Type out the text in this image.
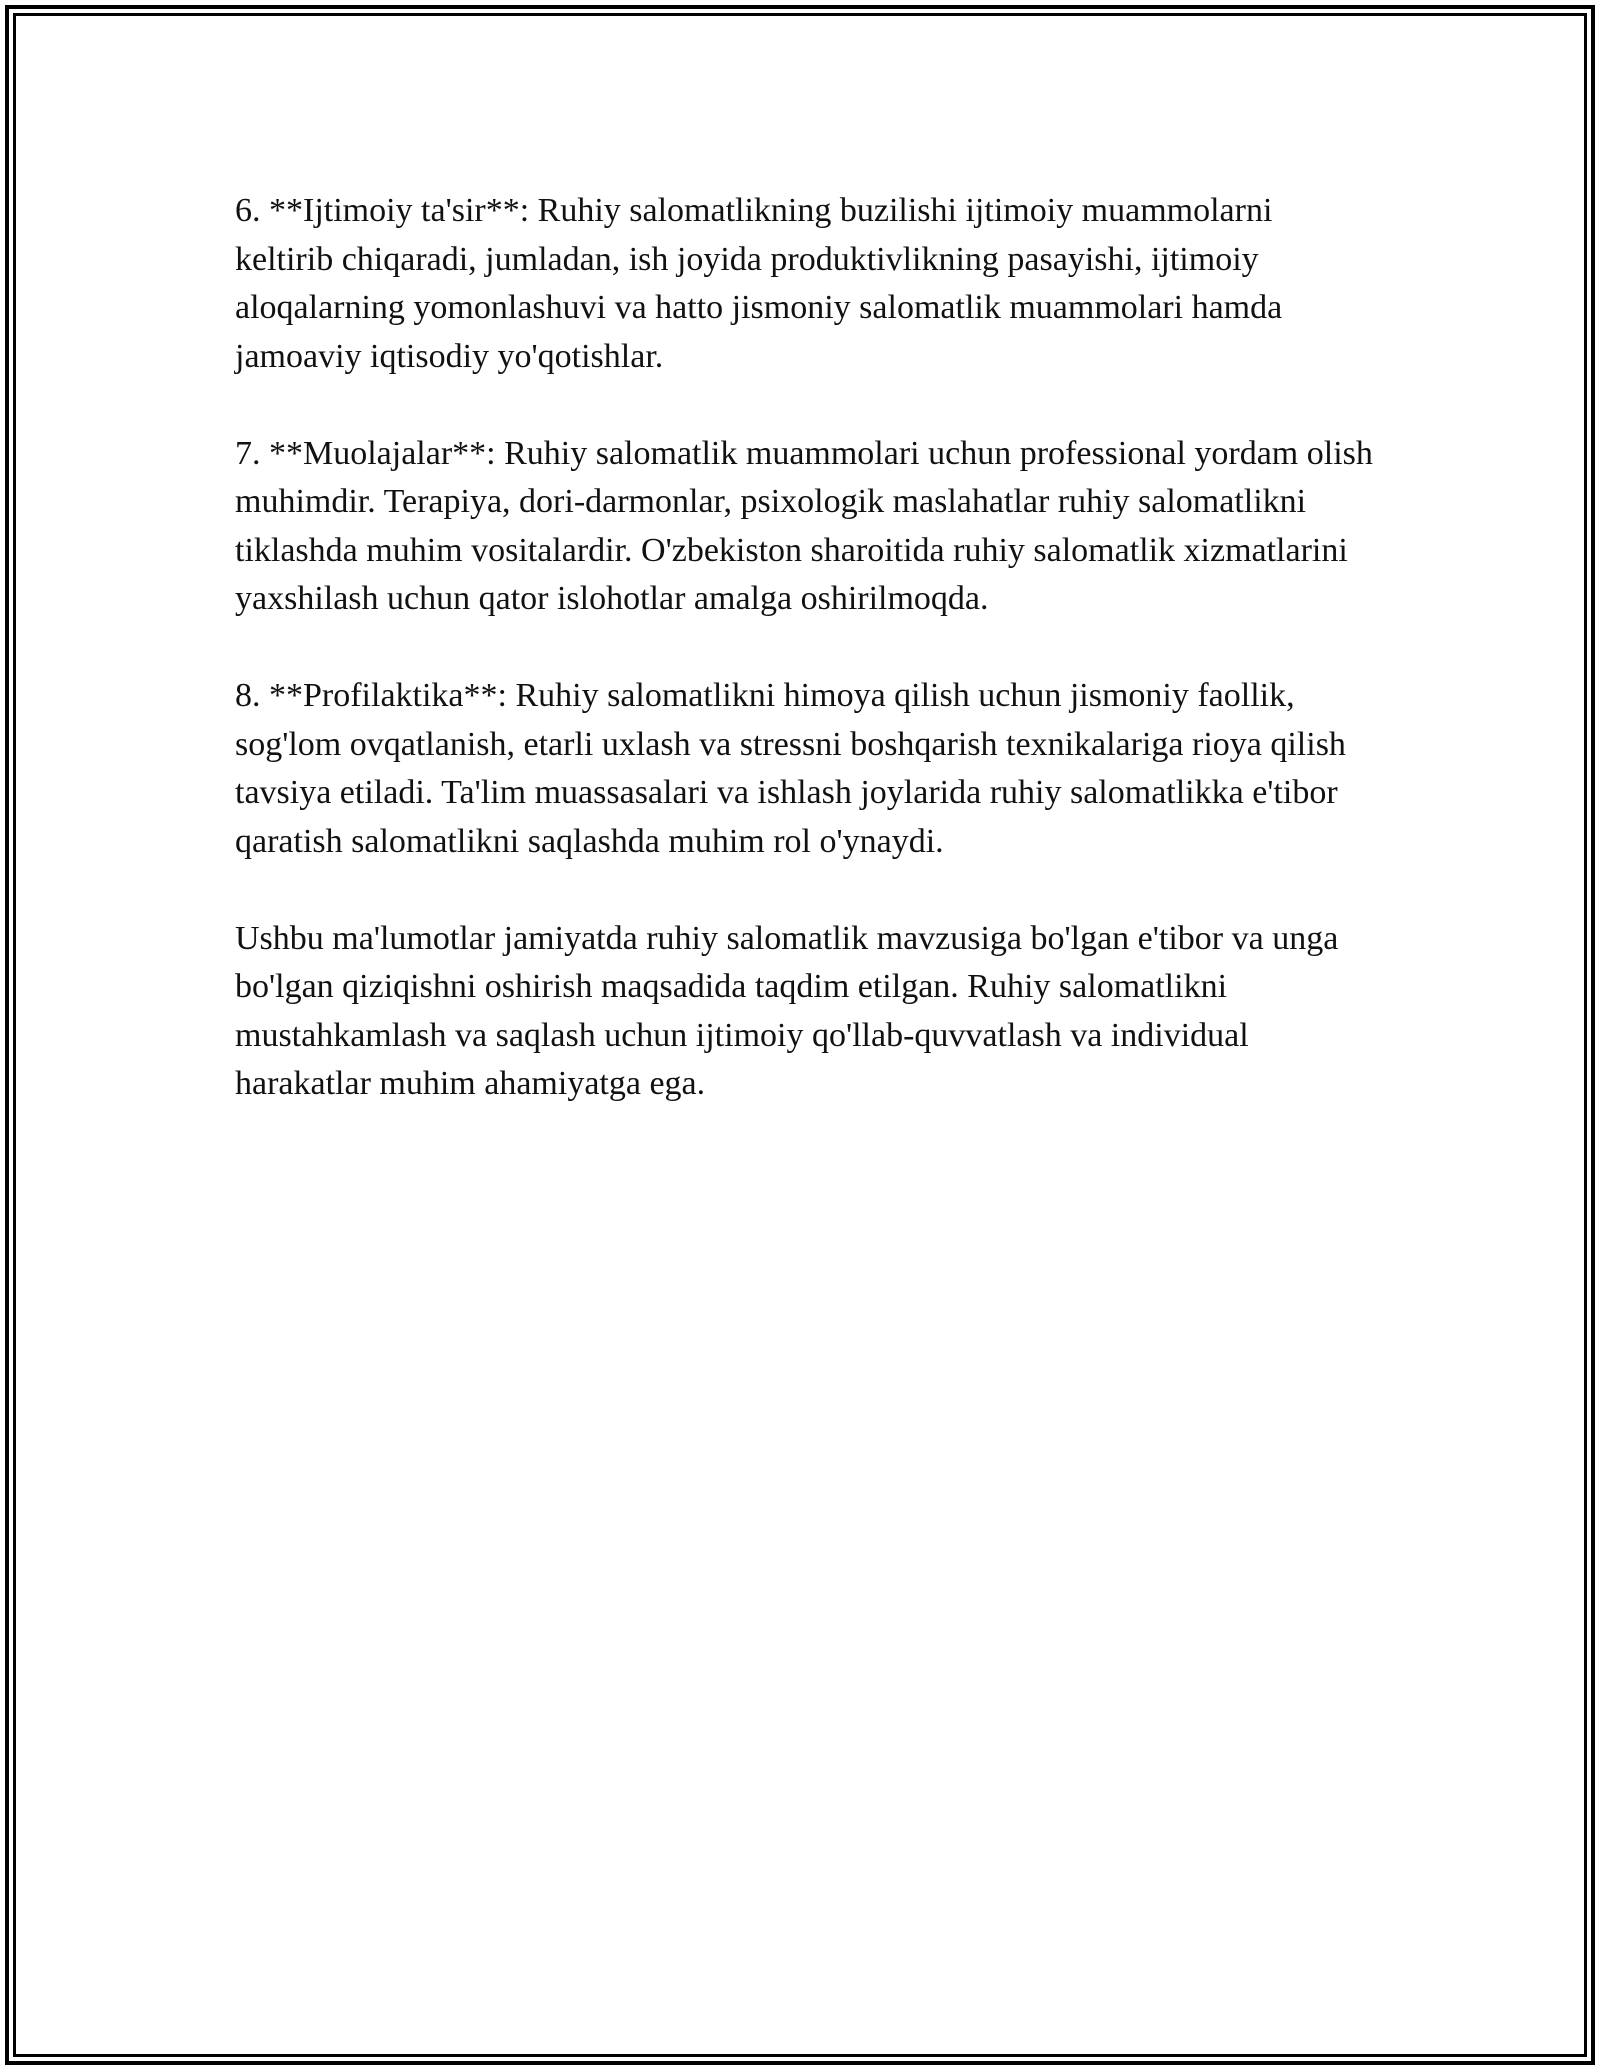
6. **Ijtimoiy ta'sir**: Ruhiy salomatlikning buzilishi ijtimoiy muammolarni keltirib chiqaradi, jumladan, ish joyida produktivlikning pasayishi, ijtimoiy aloqalarning yomonlashuvi va hatto jismoniy salomatlik muammolari hamda jamoaviy iqtisodiy yo'qotishlar.

7. **Muolajalar**: Ruhiy salomatlik muammolari uchun professional yordam olish muhimdir. Terapiya, dori-darmonlar, psixologik maslahatlar ruhiy salomatlikni tiklashda muhim vositalardir. O'zbekiston sharoitida ruhiy salomatlik xizmatlarini yaxshilash uchun qator islohotlar amalga oshirilmoqda.

8. **Profilaktika**: Ruhiy salomatlikni himoya qilish uchun jismoniy faollik, sog'lom ovqatlanish, etarli uxlash va stressni boshqarish texnikalariga rioya qilish tavsiya etiladi. Ta'lim muassasalari va ishlash joylarida ruhiy salomatlikka e'tibor qaratish salomatlikni saqlashda muhim rol o'ynaydi.

Ushbu ma'lumotlar jamiyatda ruhiy salomatlik mavzusiga bo'lgan e'tibor va unga bo'lgan qiziqishni oshirish maqsadida taqdim etilgan. Ruhiy salomatlikni mustahkamlash va saqlash uchun ijtimoiy qo'llab-quvvatlash va individual harakatlar muhim ahamiyatga ega.
